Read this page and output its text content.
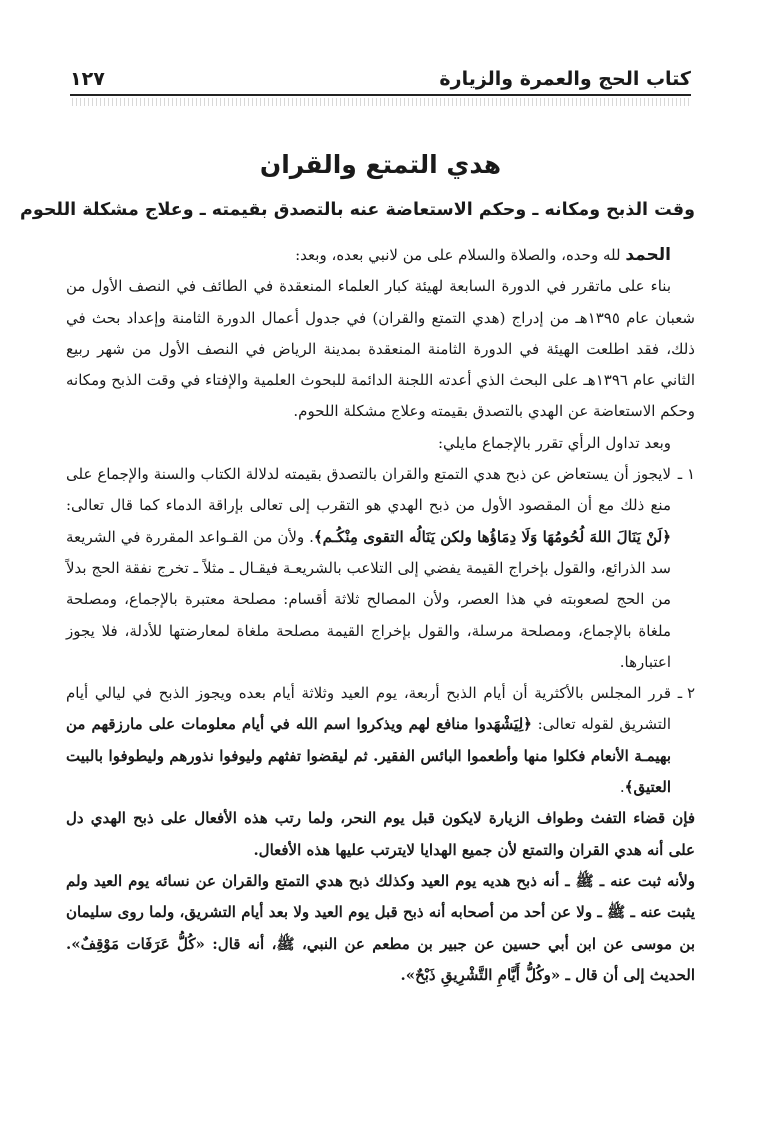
كتاب الحج والعمرة والزيارة
١٢٧
هدي التمتع والقران
وقت الذبح ومكانه ـ وحكم الاستعاضة عنه بالتصدق بقيمته ـ وعلاج مشكلة اللحوم

الحمد لله وحده، والصلاة والسلام على من لانبي بعده، وبعد:

بناء على ماتقرر في الدورة السابعة لهيئة كبار العلماء المنعقدة في الطائف في النصف الأول من شعبان عام ١٣٩٥هـ من إدراج (هدي التمتع والقران) في جدول أعمال الدورة الثامنة وإعداد بحث في ذلك، فقد اطلعت الهيئة في الدورة الثامنة المنعقدة بمدينة الرياض في النصف الأول من شهر ربيع الثاني عام ١٣٩٦هـ على البحث الذي أعدته اللجنة الدائمة للبحوث العلمية والإفتاء في وقت الذبح ومكانه وحكم الاستعاضة عن الهدي بالتصدق بقيمته وعلاج مشكلة اللحوم.

وبعد تداول الرأي تقرر بالإجماع مايلي:

١ ـ
لايجوز أن يستعاض عن ذبح هدي التمتع والقران بالتصدق بقيمته لدلالة الكتاب والسنة والإجماع على منع ذلك مع أن المقصود الأول من ذبح الهدي هو التقرب إلى تعالى بإراقة الدماء كما قال تعالى: ﴿لَنْ يَنَالَ اللهَ لُحُومُهَا وَلَا دِمَاؤُها ولكن يَنَالُه التقوى مِنْكُـم﴾. ولأن من القـواعد المقررة في الشريعة سد الذرائع، والقول بإخراج القيمة يفضي إلى التلاعب بالشريعـة فيقـال ـ مثلاً ـ تخرج نفقة الحج بدلاً من الحج لصعوبته في هذا العصر، ولأن المصالح ثلاثة أقسام: مصلحة معتبرة بالإجماع، ومصلحة ملغاة بالإجماع، ومصلحة مرسلة، والقول بإخراج القيمة مصلحة ملغاة لمعارضتها للأدلة، فلا يجوز اعتبارها.

٢ ـ
قرر المجلس بالأكثرية أن أيام الذبح أربعة، يوم العيد وثلاثة أيام بعده ويجوز الذبح في ليالي أيام التشريق لقوله تعالى: ﴿لِيَشْهَدوا منافع لهم ويذكروا اسم الله في أيام معلومات على مارزقهم من بهيمـة الأنعام فكلوا منها وأطعموا البائس الفقير. ثم ليقضوا تفثهم وليوفوا نذورهم وليطوفوا بالبيت العتيق﴾.

فإن قضاء التفث وطواف الزيارة لايكون قبل يوم النحر، ولما رتب هذه الأفعال على ذبح الهدي دل على أنه هدي القران والتمتع لأن جميع الهدايا لايترتب عليها هذه الأفعال.

ولأنه ثبت عنه ـ ﷺ ـ أنه ذبح هديه يوم العيد وكذلك ذبح هدي التمتع والقران عن نسائه يوم العيد ولم يثبت عنه ـ ﷺ ـ ولا عن أحد من أصحابه أنه ذبح قبل يوم العيد ولا بعد أيام التشريق، ولما روى سليمان بن موسى عن ابن أبي حسين عن جبير بن مطعم عن النبي، ﷺ، أنه قال: «كُلُّ عَرَفَات مَوْقِفٌ». الحديث إلى أن قال ـ «وكُلُّ أَيَّامِ التَّشْرِيقِ ذَبْحٌ».
